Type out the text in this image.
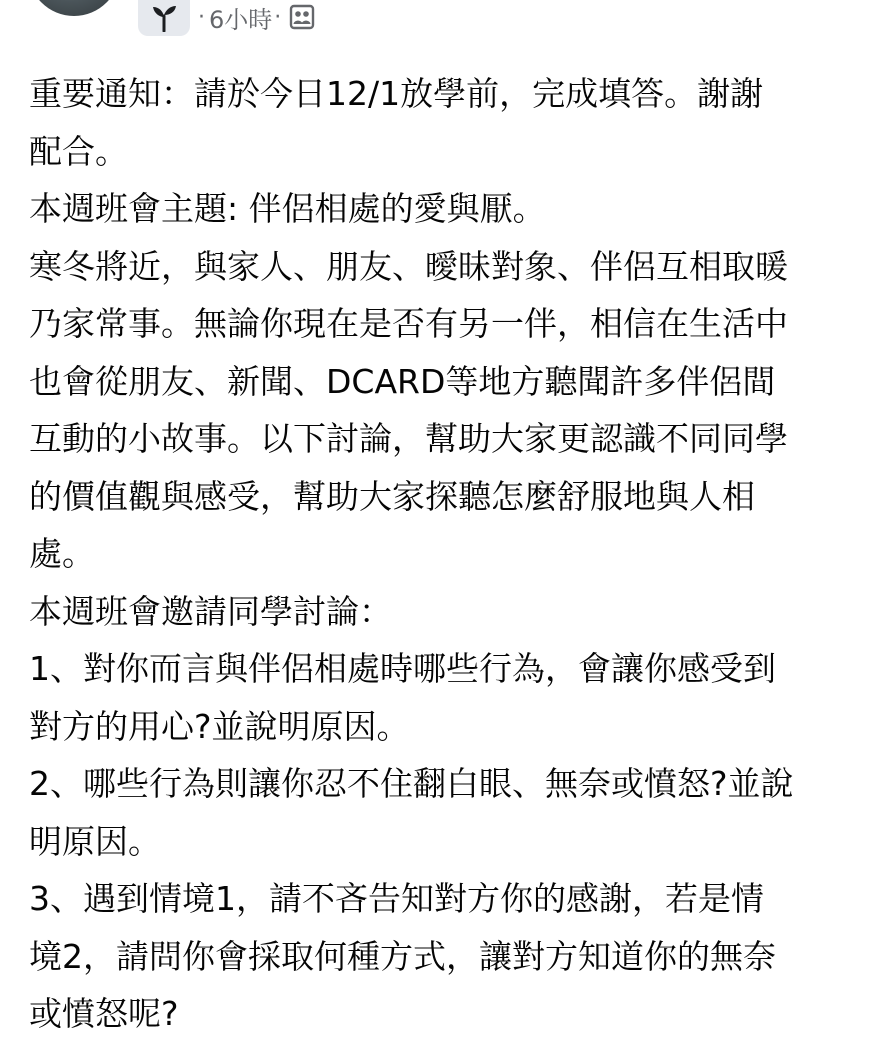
· 6小時 ·

重要通知：請於今日12/1放學前，完成填答。謝謝

配合。

本週班會主題: 伴侶相處的愛與厭。

寒冬將近，與家人、朋友、曖昧對象、伴侶互相取暖

乃家常事。無論你現在是否有另一伴，相信在生活中

也會從朋友、新聞、DCARD等地方聽聞許多伴侶間

互動的小故事。以下討論，幫助大家更認識不同同學

的價值觀與感受，幫助大家探聽怎麼舒服地與人相

處。

本週班會邀請同學討論：

1、對你而言與伴侶相處時哪些行為，會讓你感受到

對方的用心?並說明原因。

2、哪些行為則讓你忍不住翻白眼、無奈或憤怒?並說

明原因。

3、遇到情境1，請不吝告知對方你的感謝，若是情

境2，請問你會採取何種方式，讓對方知道你的無奈

或憤怒呢?
